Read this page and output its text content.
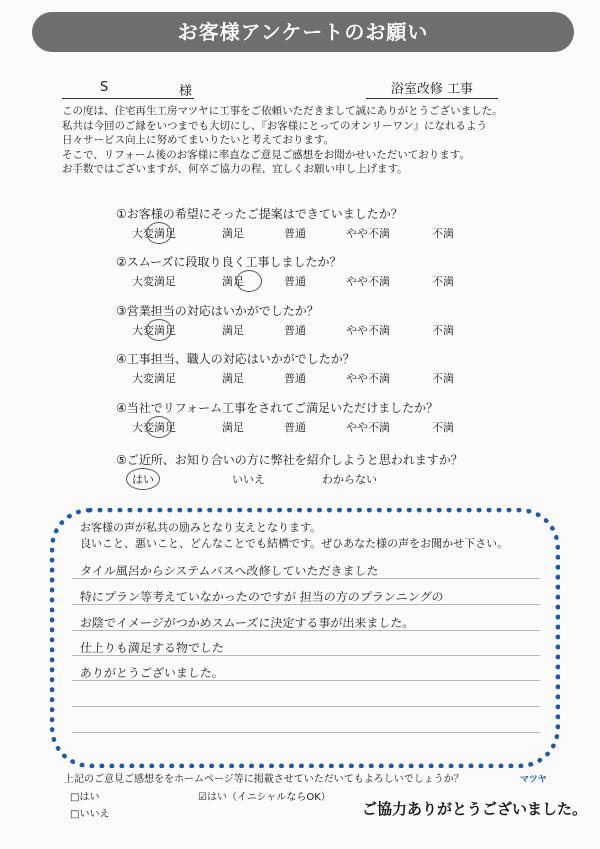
お客様アンケートのお願い
S	様	浴室改修 工事
この度は、住宅再生工房マツヤに工事をご依頼いただきまして誠にありがとうございました。
私共は今回のご縁をいつまでも大切にし、『お客様にとってのオンリーワン』になれるよう
日々サービス向上に努めてまいりたいと考えております。
そこで、リフォーム後のお客様に率直なご意見ご感想をお聞かせいただいております。
お手数ではございますが、何卒ご協力の程、宜しくお願い申し上げます。
①お客様の希望にそったご提案はできていましたか？
大変満足	満足	普通	やや不満	不満
②スムーズに段取り良く工事しましたか？
大変満足	満足	普通	やや不満	不満
③営業担当の対応はいかがでしたか？
大変満足	満足	普通	やや不満	不満
④工事担当、職人の対応はいかがでしたか？
大変満足	満足	普通	やや不満	不満
④当社でリフォーム工事をされてご満足いただけましたか？
大変満足	満足	普通	やや不満	不満
⑤ご近所、お知り合いの方に弊社を紹介しようと思われますか？
はい	いいえ	わからない
お客様の声が私共の励みとなり支えとなります。
良いこと、悪いこと、どんなことでも結構です。ぜひあなた様の声をお聞かせ下さい。
タイル風呂からシステムバスへ改修していただきました
特にプラン等考えていなかったのですが 担当の方のプランニングの
お陰でイメージがつかめスムーズに決定する事が出来ました。
仕上りも満足する物でした
ありがとうございました。
上記のご意見ご感想ををホームページ等に掲載させていただいてもよろしいでしょうか？
□はい
□いいえ
☑はい（イニシャルならOK）
マツヤ
ご協力ありがとうございました。
